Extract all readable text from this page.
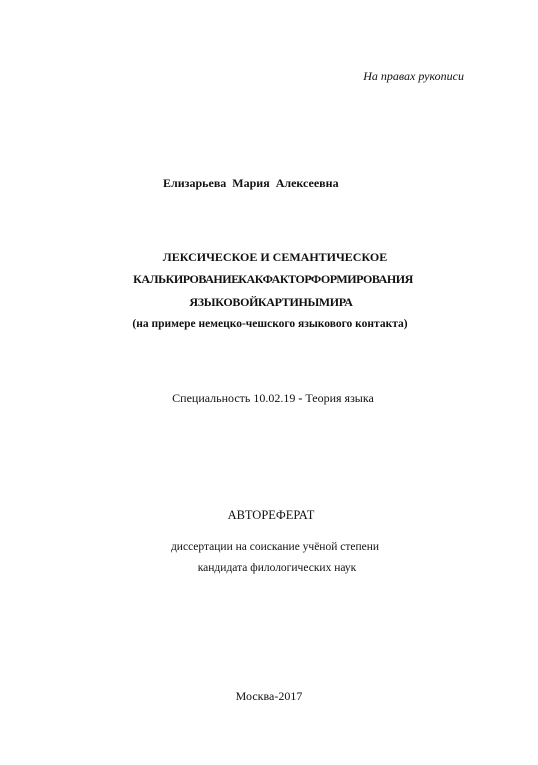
На правах рукописи
Елизарьева Мария Алексеевна
ЛЕКСИЧЕСКОЕ И СЕМАНТИЧЕСКОЕ
КАЛЬКИРОВАНИЕ КАК ФАКТОР ФОРМИРОВАНИЯ
ЯЗЫКОВОЙ КАРТИНЫ МИРА
(на примере немецко-чешского языкового контакта)
Специальность 10.02.19 - Теория языка
АВТОРЕФЕРАТ
диссертации на соискание учёной степени
кандидата филологических наук
Москва-2017
